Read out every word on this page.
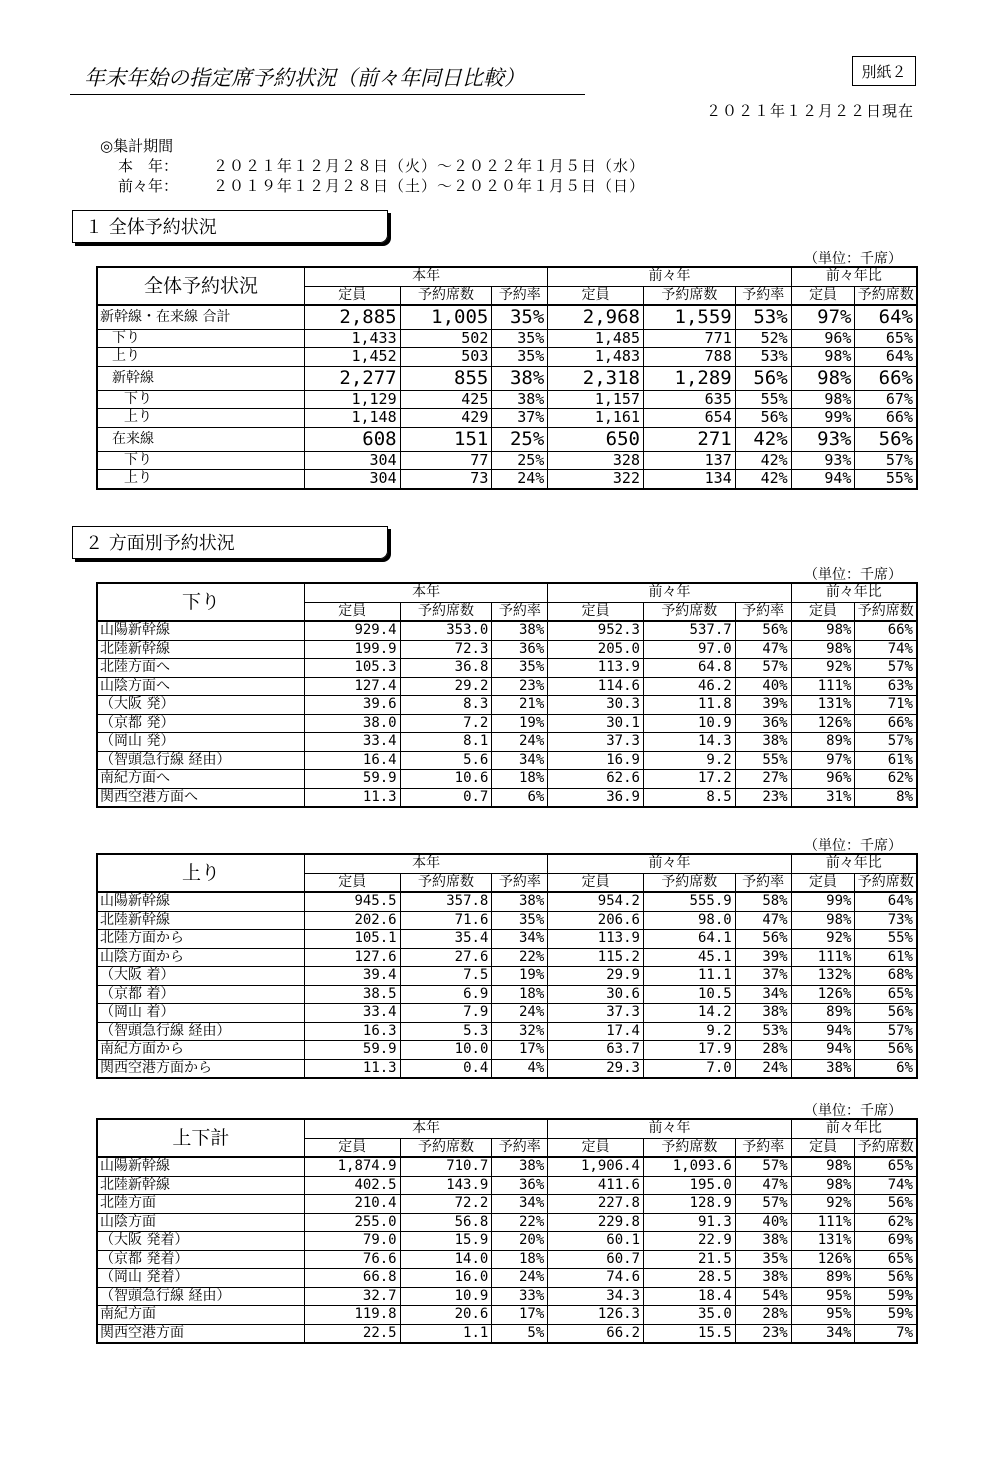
年末年始の指定席予約状況（前々年同日比較）	別紙２
２０２１年１２月２２日現在
◎集計期間
本　年：	２０２１年１２月２８日（火）～２０２２年１月５日（水）
前々年：	２０１９年１２月２８日（土）～２０２０年１月５日（日）
１ 全体予約状況
（単位：千席）
全体予約状況	本年			前々年			前々年比	
	定員	予約席数	予約率	定員	予約席数	予約率	定員	予約席数
新幹線・在来線 合計	2,885	1,005	35%	2,968	1,559	53%	97%	64%
下り	1,433	502	35%	1,485	771	52%	96%	65%
上り	1,452	503	35%	1,483	788	53%	98%	64%
新幹線	2,277	855	38%	2,318	1,289	56%	98%	66%
下り	1,129	425	38%	1,157	635	55%	98%	67%
上り	1,148	429	37%	1,161	654	56%	99%	66%
在来線	608	151	25%	650	271	42%	93%	56%
下り	304	77	25%	328	137	42%	93%	57%
上り	304	73	24%	322	134	42%	94%	55%
２ 方面別予約状況
（単位：千席）
下り	本年			前々年			前々年比	
	定員	予約席数	予約率	定員	予約席数	予約率	定員	予約席数
山陽新幹線	929.4	353.0	38%	952.3	537.7	56%	98%	66%
北陸新幹線	199.9	72.3	36%	205.0	97.0	47%	98%	74%
北陸方面へ	105.3	36.8	35%	113.9	64.8	57%	92%	57%
山陰方面へ	127.4	29.2	23%	114.6	46.2	40%	111%	63%
（大阪 発）	39.6	8.3	21%	30.3	11.8	39%	131%	71%
（京都 発）	38.0	7.2	19%	30.1	10.9	36%	126%	66%
（岡山 発）	33.4	8.1	24%	37.3	14.3	38%	89%	57%
（智頭急行線 経由）	16.4	5.6	34%	16.9	9.2	55%	97%	61%
南紀方面へ	59.9	10.6	18%	62.6	17.2	27%	96%	62%
関西空港方面へ	11.3	0.7	6%	36.9	8.5	23%	31%	8%
（単位：千席）
上り	本年			前々年			前々年比	
	定員	予約席数	予約率	定員	予約席数	予約率	定員	予約席数
山陽新幹線	945.5	357.8	38%	954.2	555.9	58%	99%	64%
北陸新幹線	202.6	71.6	35%	206.6	98.0	47%	98%	73%
北陸方面から	105.1	35.4	34%	113.9	64.1	56%	92%	55%
山陰方面から	127.6	27.6	22%	115.2	45.1	39%	111%	61%
（大阪 着）	39.4	7.5	19%	29.9	11.1	37%	132%	68%
（京都 着）	38.5	6.9	18%	30.6	10.5	34%	126%	65%
（岡山 着）	33.4	7.9	24%	37.3	14.2	38%	89%	56%
（智頭急行線 経由）	16.3	5.3	32%	17.4	9.2	53%	94%	57%
南紀方面から	59.9	10.0	17%	63.7	17.9	28%	94%	56%
関西空港方面から	11.3	0.4	4%	29.3	7.0	24%	38%	6%
（単位：千席）
上下計	本年			前々年			前々年比	
	定員	予約席数	予約率	定員	予約席数	予約率	定員	予約席数
山陽新幹線	1,874.9	710.7	38%	1,906.4	1,093.6	57%	98%	65%
北陸新幹線	402.5	143.9	36%	411.6	195.0	47%	98%	74%
北陸方面	210.4	72.2	34%	227.8	128.9	57%	92%	56%
山陰方面	255.0	56.8	22%	229.8	91.3	40%	111%	62%
（大阪 発着）	79.0	15.9	20%	60.1	22.9	38%	131%	69%
（京都 発着）	76.6	14.0	18%	60.7	21.5	35%	126%	65%
（岡山 発着）	66.8	16.0	24%	74.6	28.5	38%	89%	56%
（智頭急行線 経由）	32.7	10.9	33%	34.3	18.4	54%	95%	59%
南紀方面	119.8	20.6	17%	126.3	35.0	28%	95%	59%
関西空港方面	22.5	1.1	5%	66.2	15.5	23%	34%	7%
